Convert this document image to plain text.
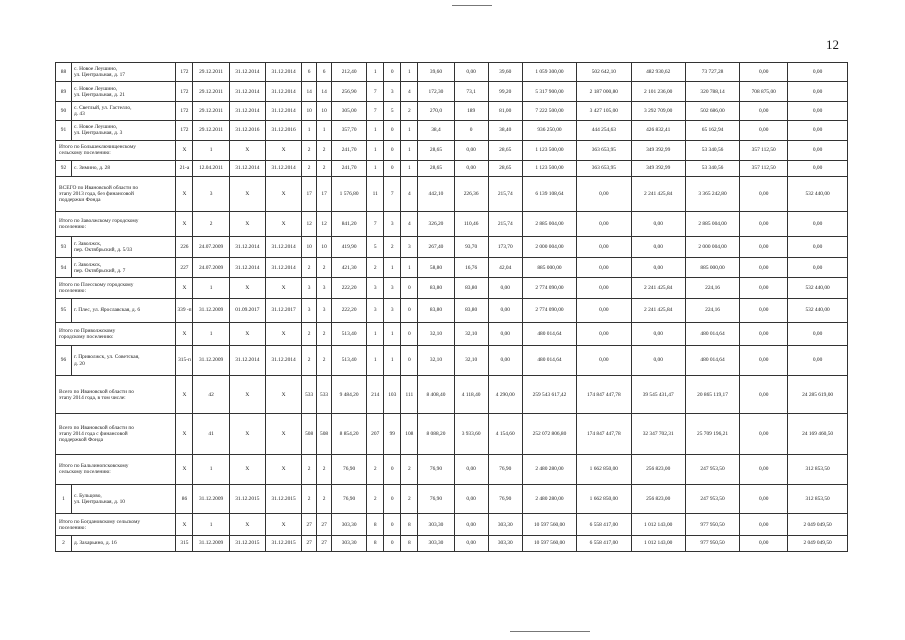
12
88	с. Новое Леушино,
ул. Центральная, д. 17	172	29.12.2011	31.12.2014	31.12.2014	6	6	212,40	1	0	1	39,60	0,00	39,60	1 059 300,00	502 642,10	482 930,62	73 727,28	0,00	0,00
89	с. Новое Леушино,
ул. Центральная, д. 21	172	29.12.2011	31.12.2014	31.12.2014	14	14	256,90	7	3	4	172,30	73,1	99,20	5 317 900,00	2 187 000,80	2 101 236,00	320 788,14	708 875,00	0,00
90	с. Светлый, ул. Гастелло,
д. 43	172	29.12.2011	31.12.2014	31.12.2014	10	10	305,00	7	5	2	270,0	189	81,00	7 222 500,00	3 427 105,00	3 292 709,00	502 686,00	0,00	0,00
91	с. Новое Леушино,
ул. Центральная, д. 3	172	29.12.2011	31.12.2016	31.12.2016	1	1	357,70	1	0	1	38,4	0	38,40	936 250,00	444 254,63	426 832,41	65 162,94	0,00	0,00
Итого по Большеключищенскому
сельскому поселению:		Х	1	Х	Х	2	2	241,70	1	0	1	28,65	0,00	28,65	1 123 500,00	363 653,95	349 392,99	53 340,56	357 112,50	0,00
92	с. Зимино, д. 28	21-а	12.04.2011	31.12.2014	31.12.2014	2	2	241,70	1	0	1	28,65	0,00	28,65	1 123 500,00	363 653,95	349 392,99	53 340,56	357 112,50	0,00
ВСЕГО по Ивановской области по
этапу 2013 года, без финансовой
поддержки Фонда		Х	3	Х	Х	17	17	1 576,80	11	7	4	442,10	226,36	215,74	6 139 108,64	0,00	2 241 425,84	3 365 242,80	0,00	532 440,00
Итого по Заволжскому городскому
поселению:		Х	2	Х	Х	12	12	841,20	7	3	4	326,20	110,46	215,74	2 885 004,00	0,00	0,00	2 885 004,00	0,00	0,00
93	г. Заволжск,
пер. Октябрьский, д. 5/33	226	24.07.2009	31.12.2014	31.12.2014	10	10	419,90	5	2	3	267,40	93,70	173,70	2 000 004,00	0,00	0,00	2 000 004,00	0,00	0,00
94	г. Заволжск,
пер. Октябрьский, д. 7	227	24.07.2009	31.12.2014	31.12.2014	2	2	421,30	2	1	1	58,80	16,76	42,04	885 000,00	0,00	0,00	885 000,00	0,00	0,00
Итого по Плесскому городскому
поселению:		Х	1	Х	Х	3	3	222,20	3	3	0	83,80	83,80	0,00	2 774 090,00	0,00	2 241 425,84	224,16	0,00	532 440,00
95	г. Плес, ул. Ярославская, д. 6	339 -п	31.12.2009	01.09.2017	31.12.2017	3	3	222,20	3	3	0	83,80	83,80	0,00	2 774 090,00	0,00	2 241 425,84	224,16	0,00	532 440,00
Итого по Приволжскому
городскому поселению:		Х	1	Х	Х	2	2	513,40	1	1	0	32,10	32,10	0,00	480 014,64	0,00	0,00	480 014,64	0,00	0,00
96	г. Приволжск, ул. Советская,
д. 20	315-п	31.12.2009	31.12.2014	31.12.2014	2	2	513,40	1	1	0	32,10	32,10	0,00	480 014,64	0,00	0,00	480 014,64	0,00	0,00
Всего по Ивановской области по
этапу 2014 года, в том числе:		Х	42	Х	Х	533	533	9 484,20	214	103	111	8 408,40	4 118,40	4 290,00	259 543 617,42	174 847 447,78	39 545 431,47	20 865 119,17	0,00	24 285 619,00
Всего по Ивановской области по
этапу 2014 года с финансовой
поддержкой Фонда		Х	41	Х	Х	508	508	8 854,20	207	99	108	8 088,20	3 933,60	4 154,60	252 072 806,80	174 847 447,78	32 347 702,31	25 709 196,21	0,00	24 169 460,50
Итого по Бальзинопсковскому
сельскому поселению:		Х	1	Х	Х	2	2	76,90	2	0	2	76,90	0,00	76,90	2 480 280,00	1 662 850,00	256 823,00	247 953,50	0,00	312 853,50
1	с. Бульцово,
ул. Центральная, д. 10	86	31.12.2009	31.12.2015	31.12.2015	2	2	76,90	2	0	2	76,90	0,00	76,90	2 480 280,00	1 662 850,00	256 823,00	247 953,50	0,00	312 853,50
Итого по Богдановскому сельскому
поселению:		Х	1	Х	Х	27	27	303,30	8	0	8	303,30	0,00	303,30	10 597 560,00	6 558 417,00	1 012 143,00	977 950,50	0,00	2 049 049,50
2	д. Захарьино, д. 16	315	31.12.2009	31.12.2015	31.12.2015	27	27	303,30	8	0	8	303,30	0,00	303,30	10 597 560,00	6 558 417,00	1 012 143,00	977 950,50	0,00	2 049 049,50
